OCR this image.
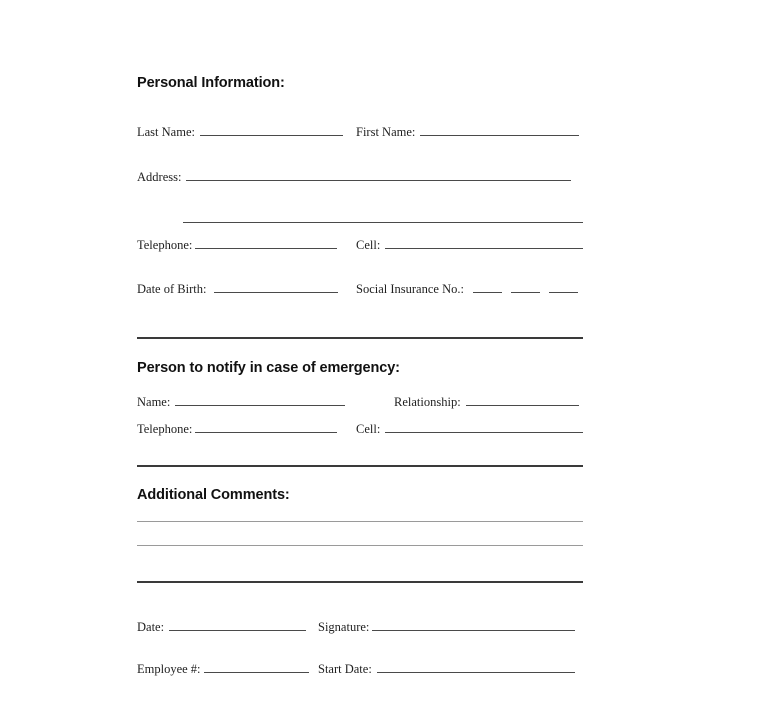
Personal Information:
Last Name:	First Name:
Address:
Telephone:	Cell:
Date of Birth:	Social Insurance No.:
Person to notify in case of emergency:
Name:	Relationship:
Telephone:	Cell:
Additional Comments:
Date:	Signature:
Employee #:	Start Date:
